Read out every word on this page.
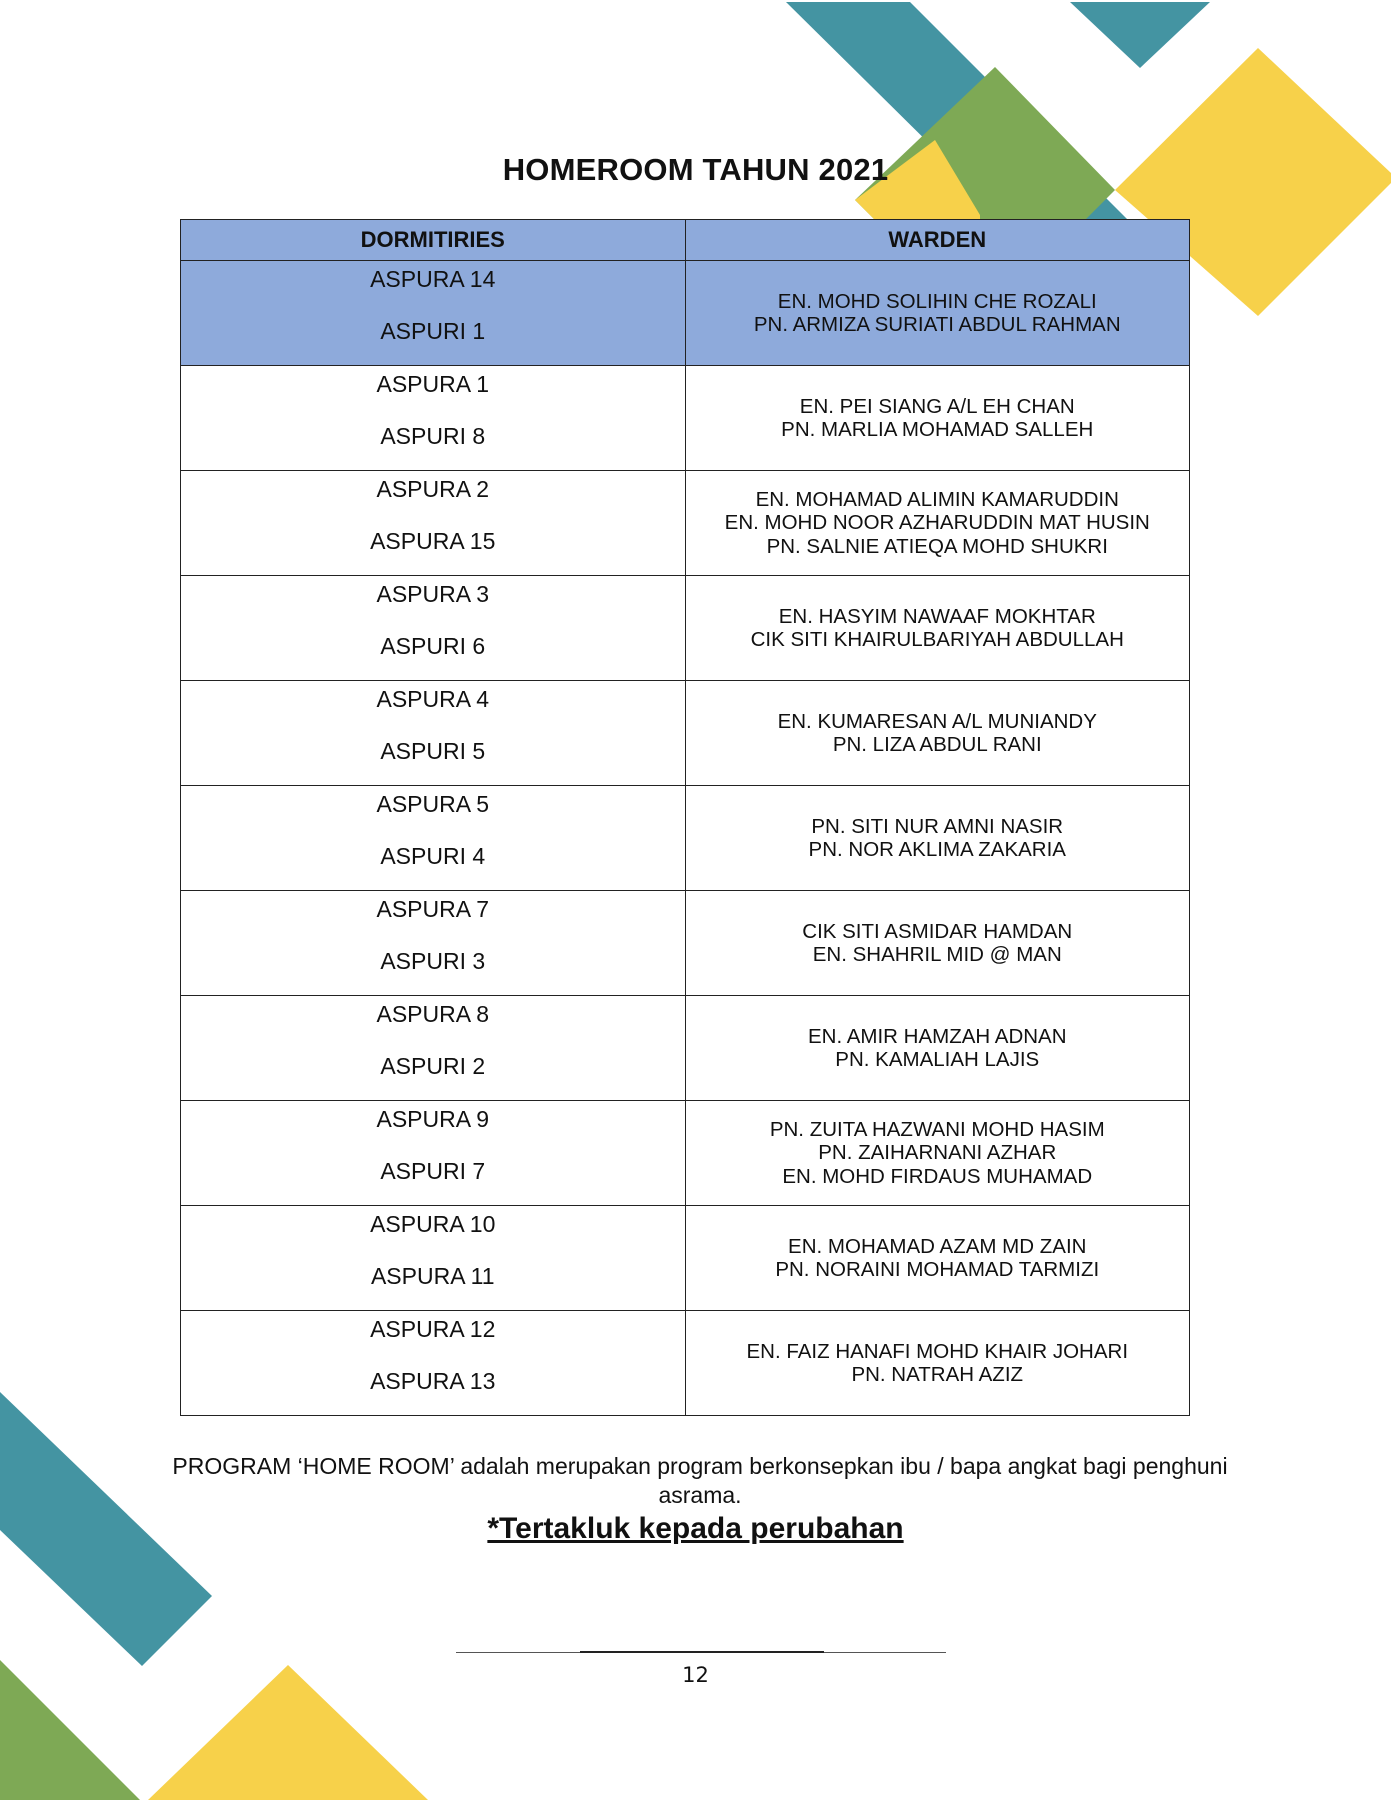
HOMEROOM TAHUN 2021
DORMITIRIES	WARDEN

ASPURA 14
ASPURI 1	EN. MOHD SOLIHIN CHE ROZALI
PN. ARMIZA SURIATI ABDUL RAHMAN

ASPURA 1
ASPURI 8	EN. PEI SIANG A/L EH CHAN
PN. MARLIA MOHAMAD SALLEH

ASPURA 2
ASPURA 15	EN. MOHAMAD ALIMIN KAMARUDDIN
EN. MOHD NOOR AZHARUDDIN MAT HUSIN
PN. SALNIE ATIEQA MOHD SHUKRI

ASPURA 3
ASPURI 6	EN. HASYIM NAWAAF MOKHTAR
CIK SITI KHAIRULBARIYAH ABDULLAH

ASPURA 4
ASPURI 5	EN. KUMARESAN A/L MUNIANDY
PN. LIZA ABDUL RANI

ASPURA 5
ASPURI 4	PN. SITI NUR AMNI NASIR
PN. NOR AKLIMA ZAKARIA

ASPURA 7
ASPURI 3	CIK SITI ASMIDAR HAMDAN
EN. SHAHRIL MID @ MAN

ASPURA 8
ASPURI 2	EN. AMIR HAMZAH ADNAN
PN. KAMALIAH LAJIS

ASPURA 9
ASPURI 7	PN. ZUITA HAZWANI MOHD HASIM
PN. ZAIHARNANI AZHAR
EN. MOHD FIRDAUS MUHAMAD

ASPURA 10
ASPURA 11	EN. MOHAMAD AZAM MD ZAIN
PN. NORAINI MOHAMAD TARMIZI

ASPURA 12
ASPURA 13	EN. FAIZ HANAFI MOHD KHAIR JOHARI
PN. NATRAH AZIZ
PROGRAM ‘HOME ROOM’ adalah merupakan program berkonsepkan ibu / bapa angkat bagi penghuni asrama.
*Tertakluk kepada perubahan
12
